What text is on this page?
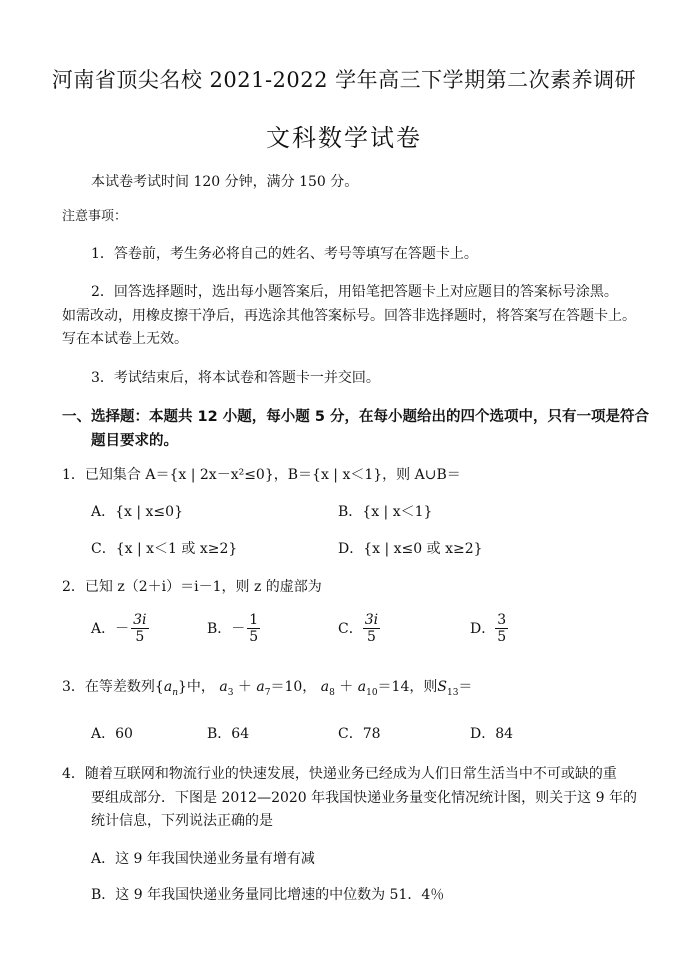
河南省顶尖名校 2021-2022 学年高三下学期第二次素养调研
文科数学试卷
本试卷考试时间 120 分钟，满分 150 分。
注意事项：
1．答卷前，考生务必将自己的姓名、考号等填写在答题卡上。
2．回答选择题时，选出每小题答案后，用铅笔把答题卡上对应题目的答案标号涂黑。
如需改动，用橡皮擦干净后，再选涂其他答案标号。回答非选择题时，将答案写在答题卡上。
写在本试卷上无效。
3．考试结束后，将本试卷和答题卡一并交回。
一、选择题：本题共 12 小题，每小题 5 分，在每小题给出的四个选项中，只有一项是符合
题目要求的。
1．已知集合 A＝{x | 2x－x²≤0}，B＝{x | x＜1}，则 A∪B＝
A．{x | x≤0}	B．{x | x＜1}
C．{x | x＜1 或 x≥2}	D．{x | x≤0 或 x≥2}
2．已知 z（2＋i）＝i－1，则 z 的虚部为
A． － $\frac{3i}{5}$	B． － $\frac{1}{5}$	C． $\frac{3i}{5}$	D． $\frac{3}{5}$
3．在等差数列$\{a_n\}$中， $a_3 + a_7=10$， $a_8 + a_{10}=14$，则$S_{13}=$
A．60	B．64	C．78	D．84
4．随着互联网和物流行业的快速发展，快递业务已经成为人们日常生活当中不可或缺的重
要组成部分．下图是 2012—2020 年我国快递业务量变化情况统计图，则关于这 9 年的
统计信息，下列说法正确的是
A．这 9 年我国快递业务量有增有减
B．这 9 年我国快递业务量同比增速的中位数为 51．4％
